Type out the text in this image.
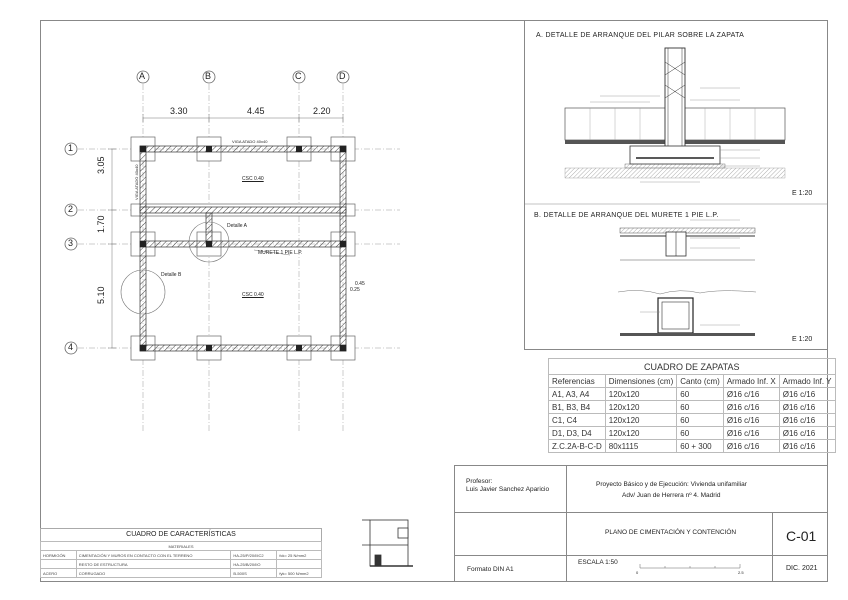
A	B	C	D
1
2
3
4
3.30	4.45	2.20
3.05
1.70
5.10
VIGA ATADO 40x40
VIGA ATADO 40x40	CSC 0.40
CSC 0.40
MURETE 1 PIE L.P.
Detalle A
Detalle B
0.45
0.25
A. DETALLE DE ARRANQUE DEL PILAR SOBRE LA ZAPATA
E 1:20
B. DETALLE DE ARRANQUE DEL MURETE 1 PIE L.P.
E 1:20
CUADRO DE ZAPATAS				
Referencias	Dimensiones (cm)	Canto (cm)	Armado Inf. X	Armado Inf. Y
A1, A3, A4	120x120	60	Ø16 c/16	Ø16 c/16
B1, B3, B4	120x120	60	Ø16 c/16	Ø16 c/16
C1, C4	120x120	60	Ø16 c/16	Ø16 c/16
D1, D3, D4	120x120	60	Ø16 c/16	Ø16 c/16
Z.C.2A-B-C-D	80x1115	60 + 300	Ø16 c/16	Ø16 c/16
CUADRO DE CARACTERÍSTICAS
MATERIALES			
HORMIGÓN	CIMENTACIÓN Y MUROS EN CONTACTO CON EL TERRENO	HA-25/P/20/IIIC2	fck= 25 N/mm2
	RESTO DE ESTRUCTURA	HA-25/B/20/IIO	
ACERO	CORRUGADO	B-500S	fyk= 500 N/mm2
Profesor:
Luis Javier Sanchez Aparicio
Proyecto Básico y de Ejecución: Vivienda unifamiliar
Adv/ Juan de Herrera nº 4. Madrid
PLANO DE CIMENTACIÓN Y CONTENCIÓN	C-01
Formato DIN A1
ESCALA 1:50
0	2.5
DIC. 2021
